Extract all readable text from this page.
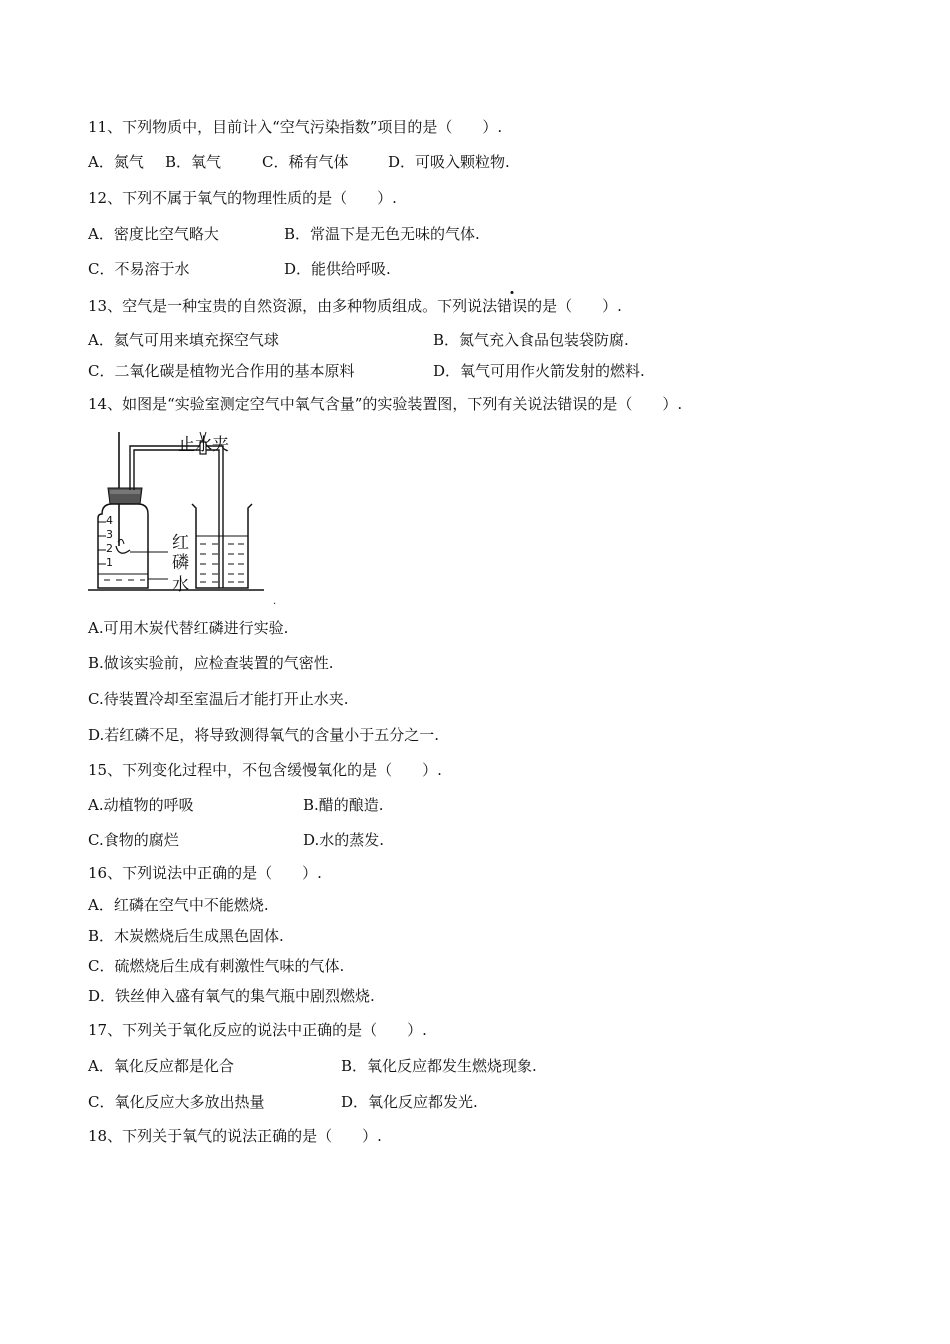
11、下列物质中，目前计入“空气污染指数”项目的是（　　）.
A．氮气 B．氧气	C．稀有气体	D．可吸入颗粒物.
12、下列不属于氧气的物理性质的是（　　）.
A．密度比空气略大	B．常温下是无色无味的气体.
C．不易溶于水	D．能供给呼吸.
13、空气是一种宝贵的自然资源，由多种物质组成。下列说法错误的是（　　）.
A．氦气可用来填充探空气球	B．氮气充入食品包装袋防腐.
C．二氧化碳是植物光合作用的基本原料	D．氧气可用作火箭发射的燃料.
14、如图是“实验室测定空气中氧气含量”的实验装置图，下列有关说法错误的是（　　）.
止水夹
红
磷
水
4
3
2
1
.
A.可用木炭代替红磷进行实验.
B.做该实验前，应检查装置的气密性.
C.待装置冷却至室温后才能打开止水夹.
D.若红磷不足，将导致测得氧气的含量小于五分之一.
15、下列变化过程中，不包含缓慢氧化的是（　　）.
A.动植物的呼吸	B.醋的酿造.
C.食物的腐烂	D.水的蒸发.
16、下列说法中正确的是（　　）.
A．红磷在空气中不能燃烧.
B．木炭燃烧后生成黑色固体.
C．硫燃烧后生成有刺激性气味的气体.
D．铁丝伸入盛有氧气的集气瓶中剧烈燃烧.
17、下列关于氧化反应的说法中正确的是（　　）.
A．氧化反应都是化合	B．氧化反应都发生燃烧现象.
C．氧化反应大多放出热量	D．氧化反应都发光.
18、下列关于氧气的说法正确的是（　　）.
